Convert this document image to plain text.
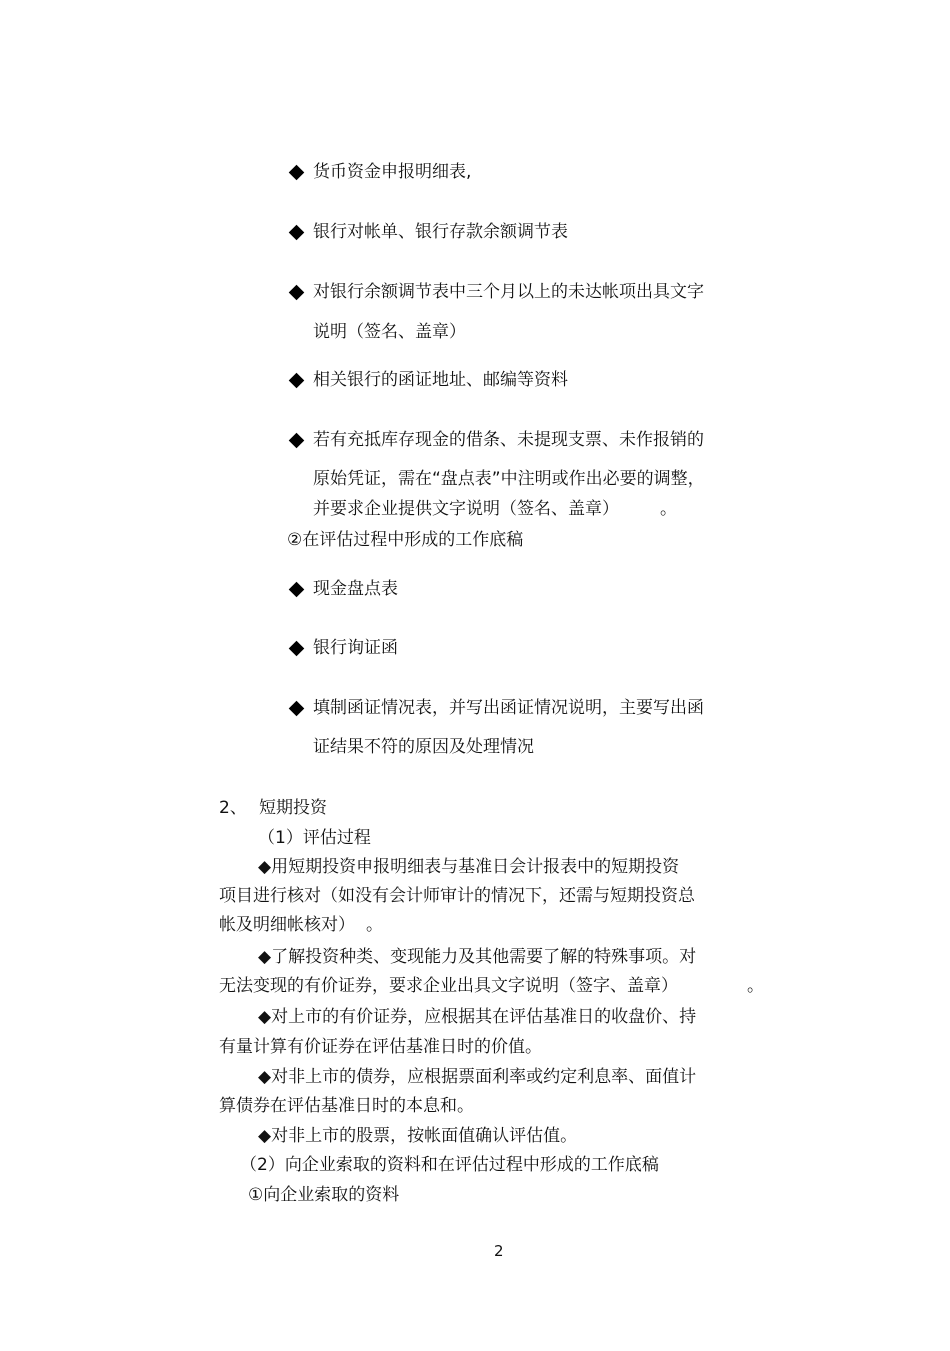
货币资金申报明细表,
银行对帐单、银行存款余额调节表
对银行余额调节表中三个月以上的未达帐项出具文字
说明（签名、盖章）
相关银行的函证地址、邮编等资料
若有充抵库存现金的借条、未提现支票、未作报销的
原始凭证，需在“盘点表”中注明或作出必要的调整，
并要求企业提供文字说明（签名、盖章） 。
②在评估过程中形成的工作底稿
现金盘点表
银行询证函
填制函证情况表，并写出函证情况说明，主要写出函
证结果不符的原因及处理情况
2、 短期投资
（1）评估过程
◆用短期投资申报明细表与基准日会计报表中的短期投资
项目进行核对（如没有会计师审计的情况下，还需与短期投资总
帐及明细帐核对） 。
◆了解投资种类、变现能力及其他需要了解的特殊事项。对
无法变现的有价证券，要求企业出具文字说明（签字、盖章）	。
◆对上市的有价证券，应根据其在评估基准日的收盘价、持
有量计算有价证券在评估基准日时的价值。
◆对非上市的债券，应根据票面利率或约定利息率、面值计
算债券在评估基准日时的本息和。
◆对非上市的股票，按帐面值确认评估值。
（2）向企业索取的资料和在评估过程中形成的工作底稿
①向企业索取的资料
2
